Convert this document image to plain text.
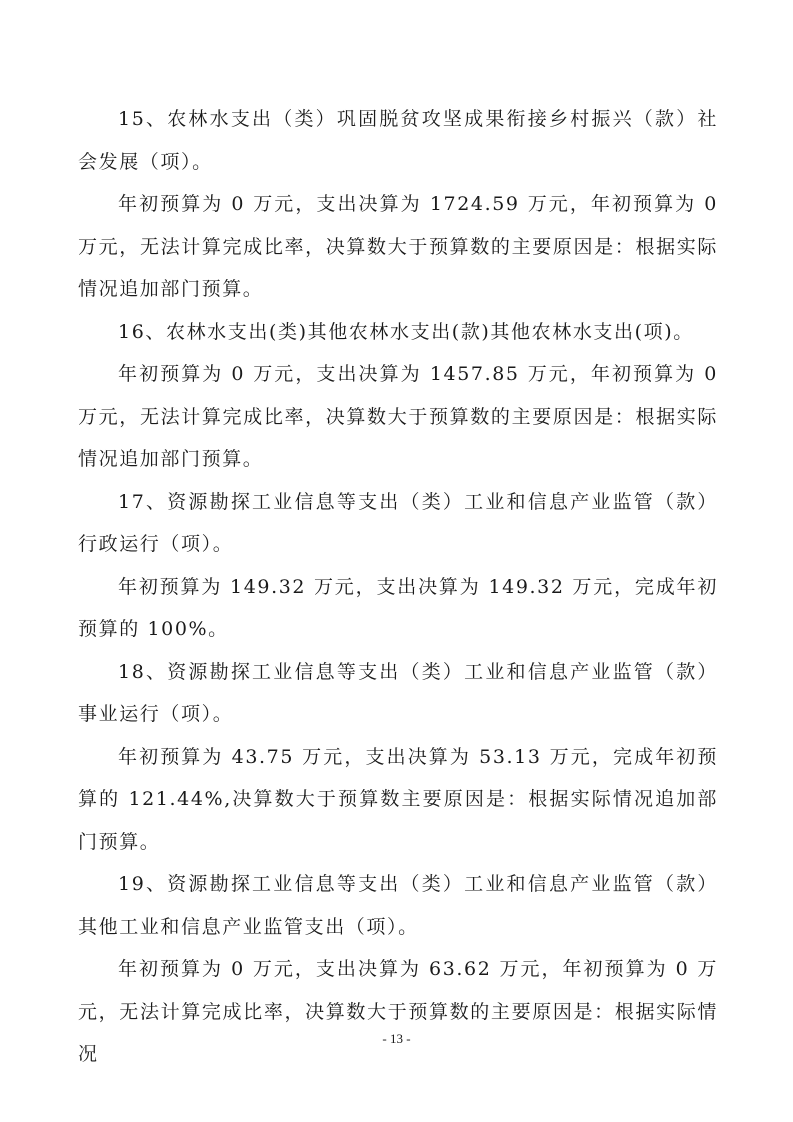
15、农林水支出（类）巩固脱贫攻坚成果衔接乡村振兴（款）社会发展（项）。

年初预算为 0 万元，支出决算为 1724.59 万元，年初预算为 0 万元，无法计算完成比率，决算数大于预算数的主要原因是：根据实际情况追加部门预算。

16、农林水支出(类)其他农林水支出(款)其他农林水支出(项)。

年初预算为 0 万元，支出决算为 1457.85 万元，年初预算为 0 万元，无法计算完成比率，决算数大于预算数的主要原因是：根据实际情况追加部门预算。

17、资源勘探工业信息等支出（类）工业和信息产业监管（款）行政运行（项）。

年初预算为 149.32 万元，支出决算为 149.32 万元，完成年初预算的 100%。

18、资源勘探工业信息等支出（类）工业和信息产业监管（款）事业运行（项）。

年初预算为 43.75 万元，支出决算为 53.13 万元，完成年初预算的 121.44%,决算数大于预算数主要原因是：根据实际情况追加部门预算。

19、资源勘探工业信息等支出（类）工业和信息产业监管（款）其他工业和信息产业监管支出（项）。

年初预算为 0 万元，支出决算为 63.62 万元，年初预算为 0 万元，无法计算完成比率，决算数大于预算数的主要原因是：根据实际情况

- 13 -
